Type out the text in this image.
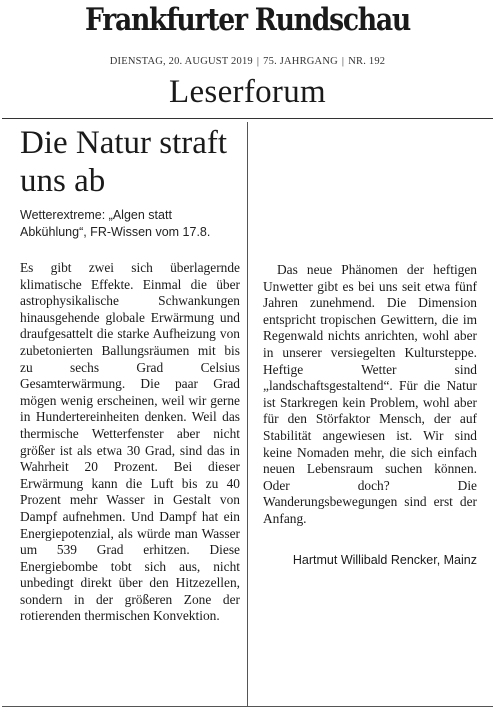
Frankfurter Rundschau
DIENSTAG, 20. AUGUST 2019 | 75. JAHRGANG | NR. 192
Leserforum
Die Natur straft uns ab
Wetterextreme: „Algen statt Abkühlung“, FR-Wissen vom 17.8.

Es gibt zwei sich überlagernde klimatische Effekte. Einmal die über astrophysikalische Schwankungen hinausgehende globale Erwärmung und draufgesattelt die starke Aufheizung von zubetonierten Ballungsräumen mit bis zu sechs Grad Celsius Gesamterwärmung. Die paar Grad mögen wenig erscheinen, weil wir gerne in Hundertereinheiten denken. Weil das thermische Wetterfenster aber nicht größer ist als etwa 30 Grad, sind das in Wahrheit 20 Prozent. Bei dieser Erwärmung kann die Luft bis zu 40 Prozent mehr Wasser in Gestalt von Dampf aufnehmen. Und Dampf hat ein Energiepotenzial, als würde man Wasser um 539 Grad erhitzen. Diese Energiebombe tobt sich aus, nicht unbedingt direkt über den Hitzezellen, sondern in der größeren Zone der rotierenden thermischen Konvektion.

Das neue Phänomen der heftigen Unwetter gibt es bei uns seit etwa fünf Jahren zunehmend. Die Dimension entspricht tropischen Gewittern, die im Regenwald nichts anrichten, wohl aber in unserer versiegelten Kultursteppe. Heftige Wetter sind „landschaftsgestaltend“. Für die Natur ist Starkregen kein Problem, wohl aber für den Störfaktor Mensch, der auf Stabilität angewiesen ist. Wir sind keine Nomaden mehr, die sich einfach neuen Lebensraum suchen können. Oder doch? Die Wanderungsbewegungen sind erst der Anfang.

Hartmut Willibald Rencker, Mainz
